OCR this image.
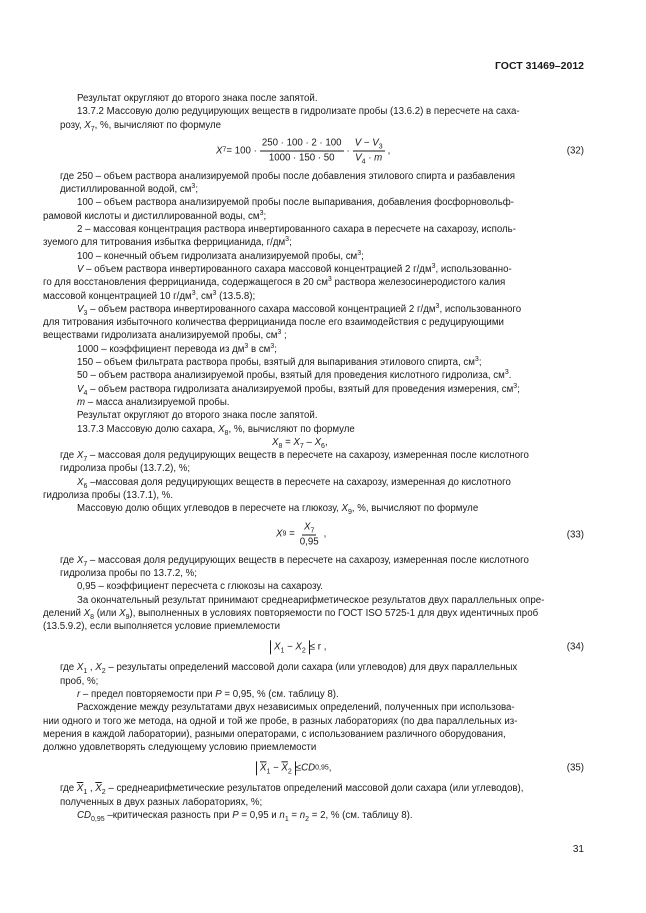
ГОСТ 31469–2012

Результат округляют до второго знака после запятой.

13.7.2 Массовую долю редуцирующих веществ в гидролизате пробы (13.6.2) в пересчете на саха-
розу, $X_7$, %, вычисляют по формуле

X $7 = 100 \cdot \frac{250 \cdot 100 \cdot 2 \cdot 100}{1000 \cdot 150 \cdot 50} \cdot \frac{V - V_3}{V_4 \cdot m}$ ,	(32)

где 250 – объем раствора анализируемой пробы после добавления этилового спирта и разбавления
дистиллированной водой, $см^3$;

100 – объем раствора анализируемой пробы после выпаривания, добавления фосфорновольф-
рамовой кислоты и дистиллированной воды, $см^3$;

2 – массовая концентрация раствора инвертированного сахара в пересчете на сахарозу, исполь-
зуемого для титрования избытка феррицианида, $г/дм^3$;

100 – конечный объем гидролизата анализируемой пробы, $см^3$;

V – объем раствора инвертированного сахара массовой концентрацией 2 $г/дм^3$, использованно-
го для восстановления феррицианида, содержащегося в 20 $см^3$ раствора железосинеродистого калия
массовой концентрацией 10 $г/дм^3$, $см^3$ (13.5.8);

$V_3$ – объем раствора инвертированного сахара массовой концентрацией 2 $г/дм^3$, использованного
для титрования избыточного количества феррицианида после его взаимодействия с редуцирующими
веществами гидролизата анализируемой пробы, $см^3$ ;

1000 – коэффициент перевода из $дм^3$ в $см^3$;

150 – объем фильтрата раствора пробы, взятый для выпаривания этилового спирта, $см^3$;

50 – объем раствора анализируемой пробы, взятый для проведения кислотного гидролиза, $см^3$.

$V_4$ – объем раствора гидролизата анализируемой пробы, взятый для проведения измерения, $см^3$;

m – масса анализируемой пробы.

Результат округляют до второго знака после запятой.

13.7.3 Массовую долю сахара, $X_8$, %, вычисляют по формуле

$X_8 = X_7 - X_6$,

где $X_7$ – массовая доля редуцирующих веществ в пересчете на сахарозу, измеренная после кислотного
гидролиза пробы (13.7.2), %;

$X_6$ –массовая доля редуцирующих веществ в пересчете на сахарозу, измеренная до кислотного
гидролиза пробы (13.7.1), %.

Массовую долю общих углеводов в пересчете на глюкозу, $X_9$, %, вычисляют по формуле

X $9 = \frac{X_7}{0,95}$ ,	(33)

где $X_7$ – массовая доля редуцирующих веществ в пересчете на сахарозу, измеренная после кислотного
гидролиза пробы по 13.7.2, %;

0,95 – коэффициент пересчета с глюкозы на сахарозу.

За окончательный результат принимают среднеарифметическое результатов двух параллельных опре-
делений $X_8$ (или $X_9$), выполненных в условиях повторяемости по ГОСТ ISO 5725-1 для двух идентичных проб
(13.5.9.2), если выполняется условие приемлемости

$X_1 - X_2 \le r$ ,	(34)

где $X_1$ , $X_2$ – результаты определений массовой доли сахара (или углеводов) для двух параллельных
проб, %;

r – предел повторяемости при P = 0,95, % (см. таблицу 8).

Расхождение между результатами двух независимых определений, полученных при использова-
нии одного и того же метода, на одной и той же пробе, в разных лабораториях (по два параллельных из-
мерения в каждой лаборатории), разными операторами, с использованием различного оборудования,
должно удовлетворять следующему условию приемлемости

$\overline{X}_1 - \overline{X}_2$ ≤ CD 0,95 ,	(35)

где $\overline{X}_1$ , $\overline{X}_2$ – среднеарифметические результатов определений массовой доли сахара (или углеводов),
полученных в двух разных лабораториях, %;

$CD_{0,95}$ –критическая разность при P = 0,95 и $n_1 = n_2 = 2$, % (см. таблицу 8).

31
